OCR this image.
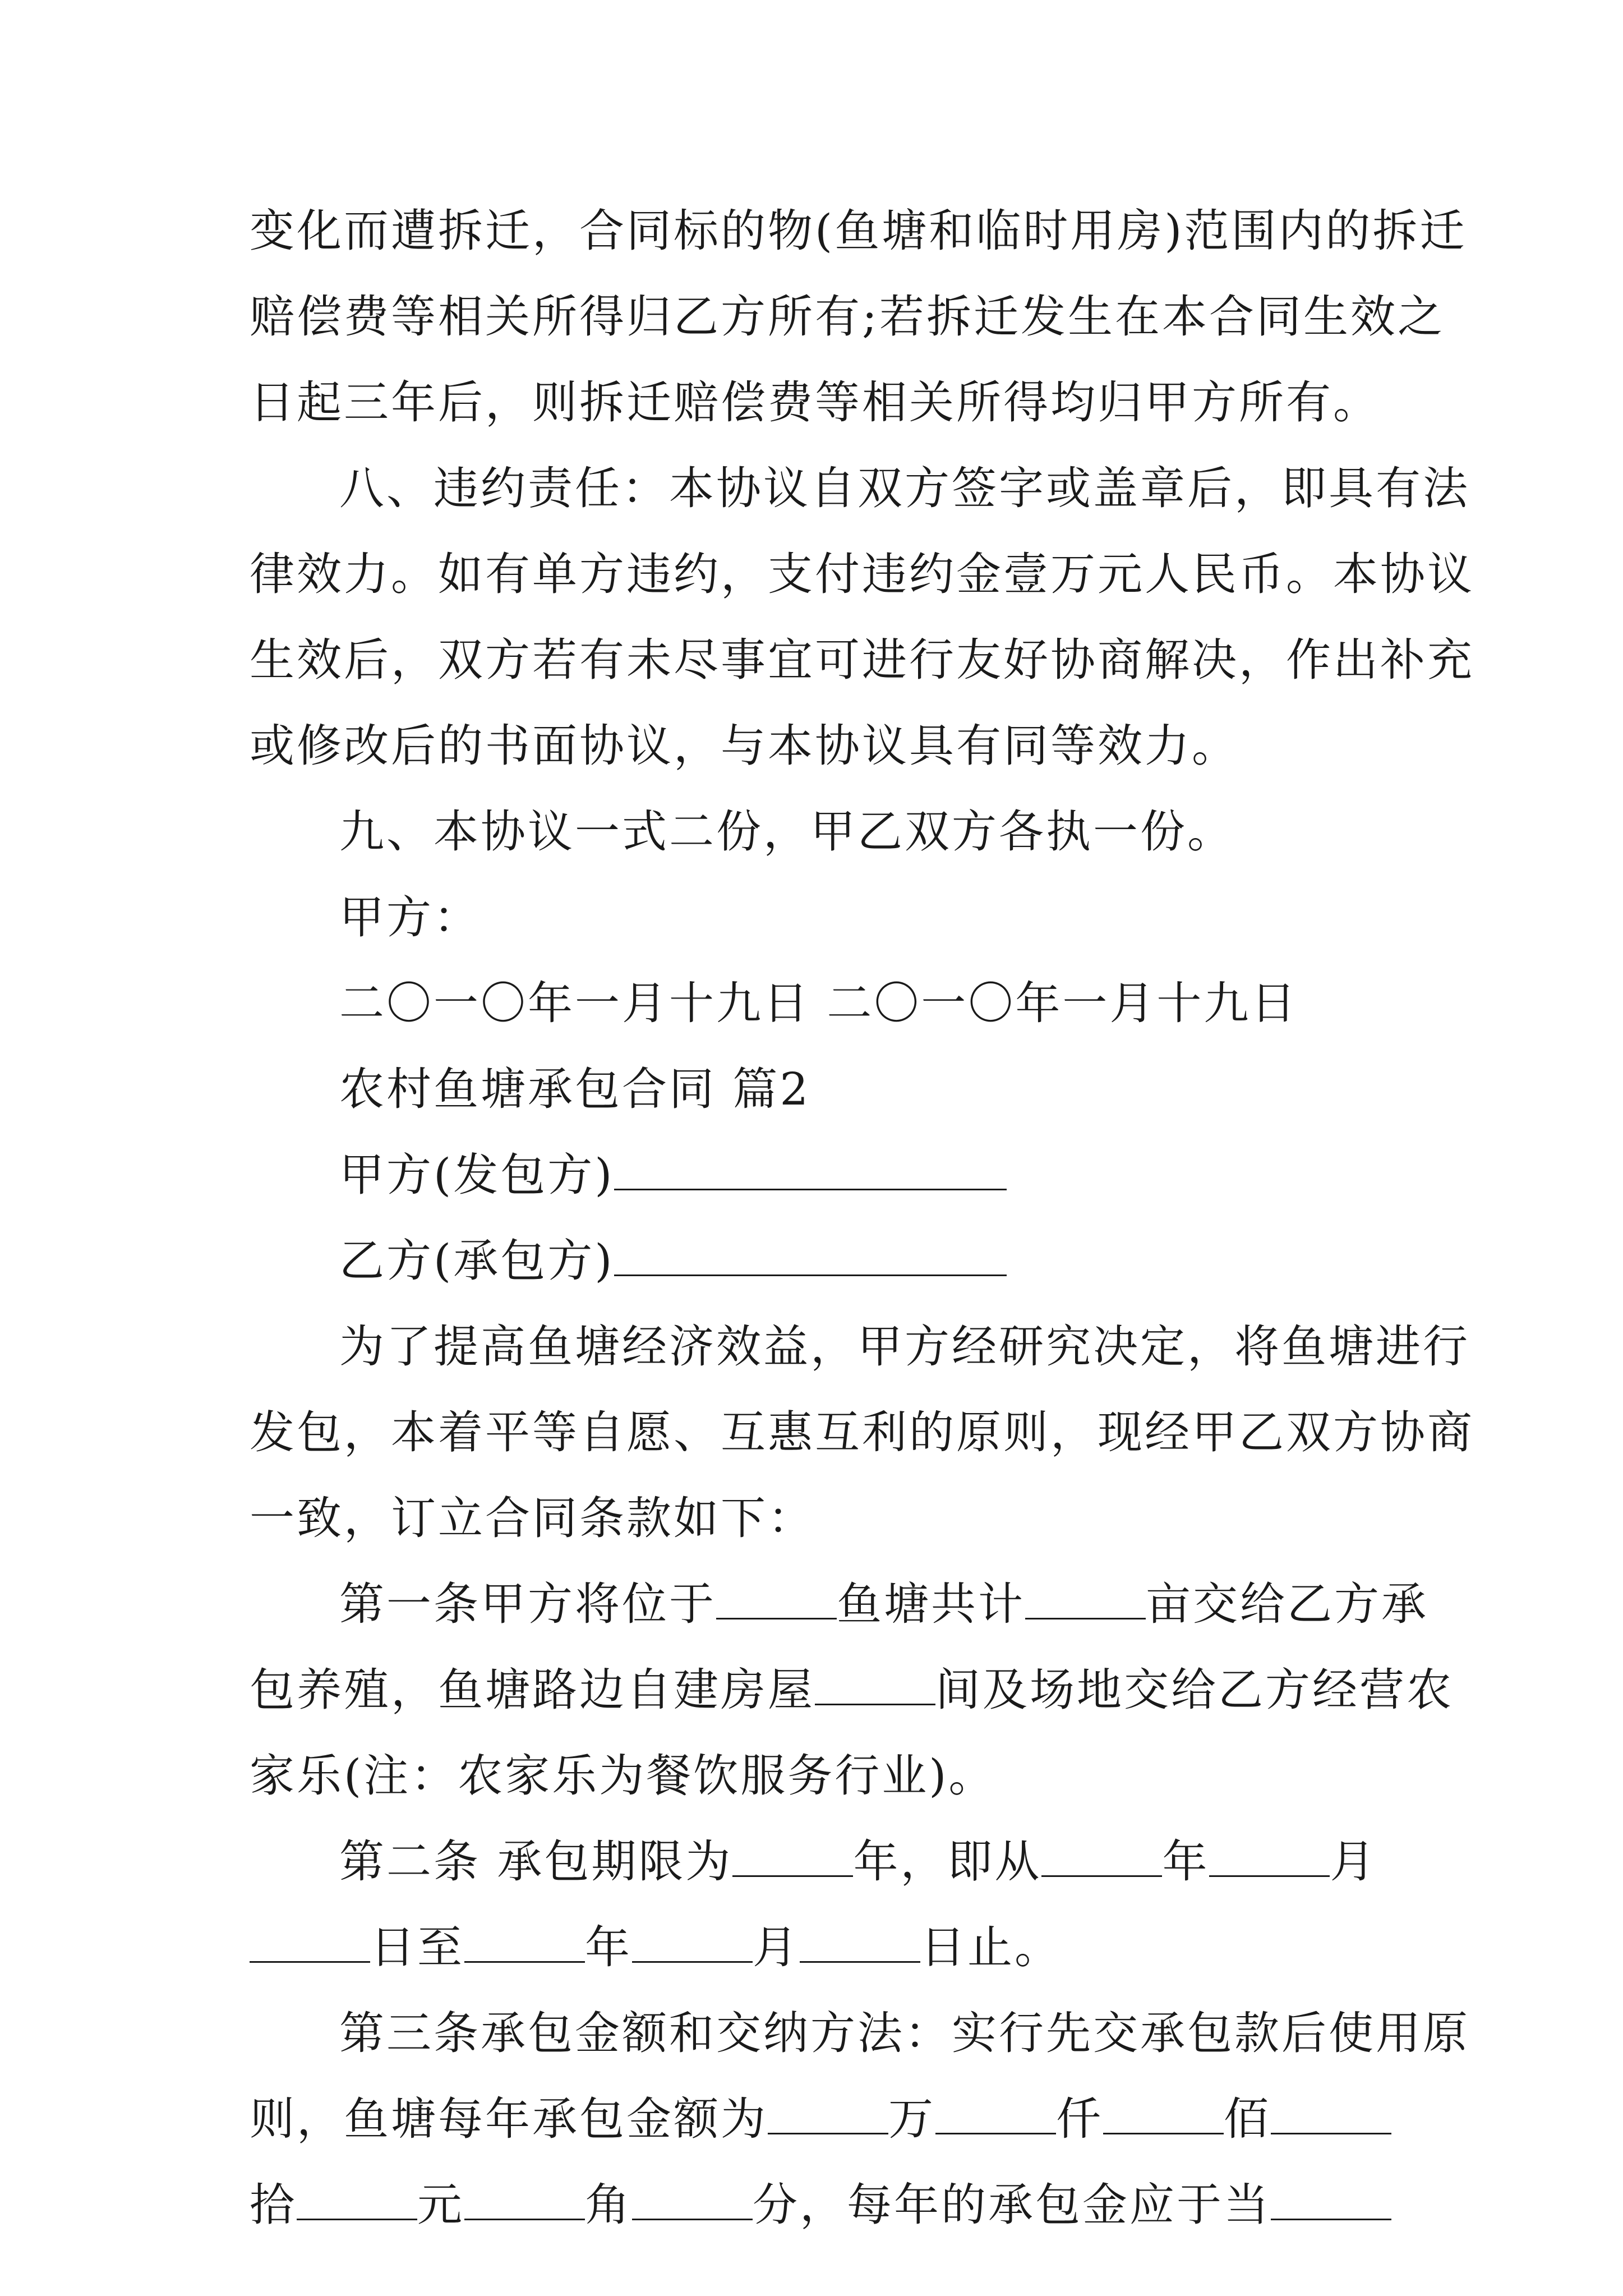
变化而遭拆迁，合同标的物(鱼塘和临时用房)范围内的拆迁
赔偿费等相关所得归乙方所有;若拆迁发生在本合同生效之
日起三年后，则拆迁赔偿费等相关所得均归甲方所有。
八、违约责任：本协议自双方签字或盖章后，即具有法
律效力。如有单方违约，支付违约金壹万元人民币。本协议
生效后，双方若有未尽事宜可进行友好协商解决，作出补充
或修改后的书面协议，与本协议具有同等效力。
九、本协议一式二份，甲乙双方各执一份。
甲方：
二〇一〇年一月十九日 二〇一〇年一月十九日
农村鱼塘承包合同 篇2
甲方(发包方)
乙方(承包方)
为了提高鱼塘经济效益，甲方经研究决定，将鱼塘进行
发包，本着平等自愿、互惠互利的原则，现经甲乙双方协商
一致，订立合同条款如下：
第一条甲方将位于	鱼塘共计	亩交给乙方承
包养殖，鱼塘路边自建房屋	间及场地交给乙方经营农
家乐(注：农家乐为餐饮服务行业)。
第二条 承包期限为	年，即从	年	月
日至	年	月	日止。
第三条承包金额和交纳方法：实行先交承包款后使用原
则，鱼塘每年承包金额为	万	仟	佰
拾	元	角	分，每年的承包金应于当
